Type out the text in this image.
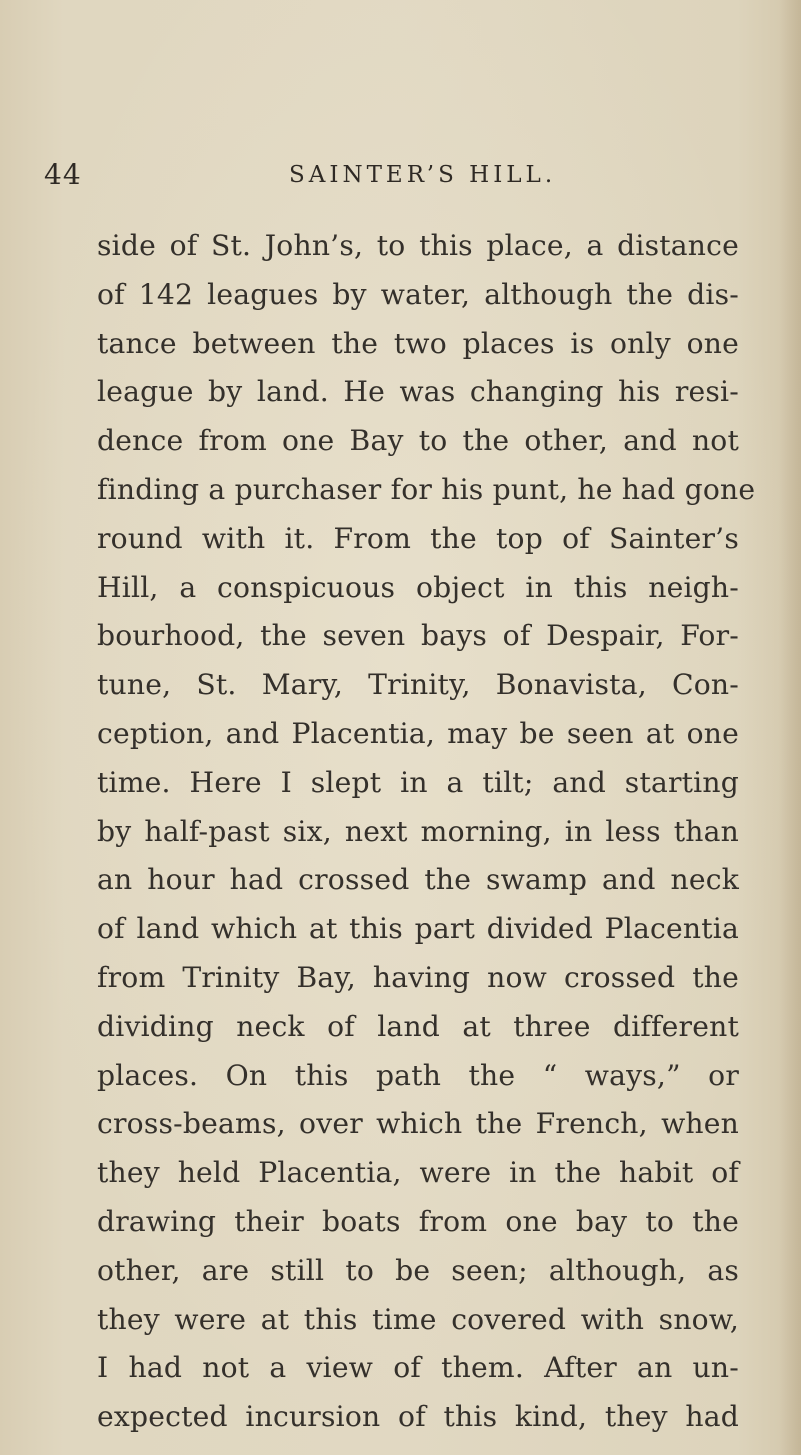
44	SAINTER’S HILL.
side of St. John’s, to this place, a distance
of 142 leagues by water, although the dis-
tance between the two places is only one
league by land. He was changing his resi-
dence from one Bay to the other, and not
finding a purchaser for his punt, he had gone
round with it. From the top of Sainter’s
Hill, a conspicuous object in this neigh-
bourhood, the seven bays of Despair, For-
tune, St. Mary, Trinity, Bonavista, Con-
ception, and Placentia, may be seen at one
time. Here I slept in a tilt; and starting
by half-past six, next morning, in less than
an hour had crossed the swamp and neck
of land which at this part divided Placentia
from Trinity Bay, having now crossed the
dividing neck of land at three different
places. On this path the “ ways,” or
cross-beams, over which the French, when
they held Placentia, were in the habit of
drawing their boats from one bay to the
other, are still to be seen; although, as
they were at this time covered with snow,
I had not a view of them. After an un-
expected incursion of this kind, they had
